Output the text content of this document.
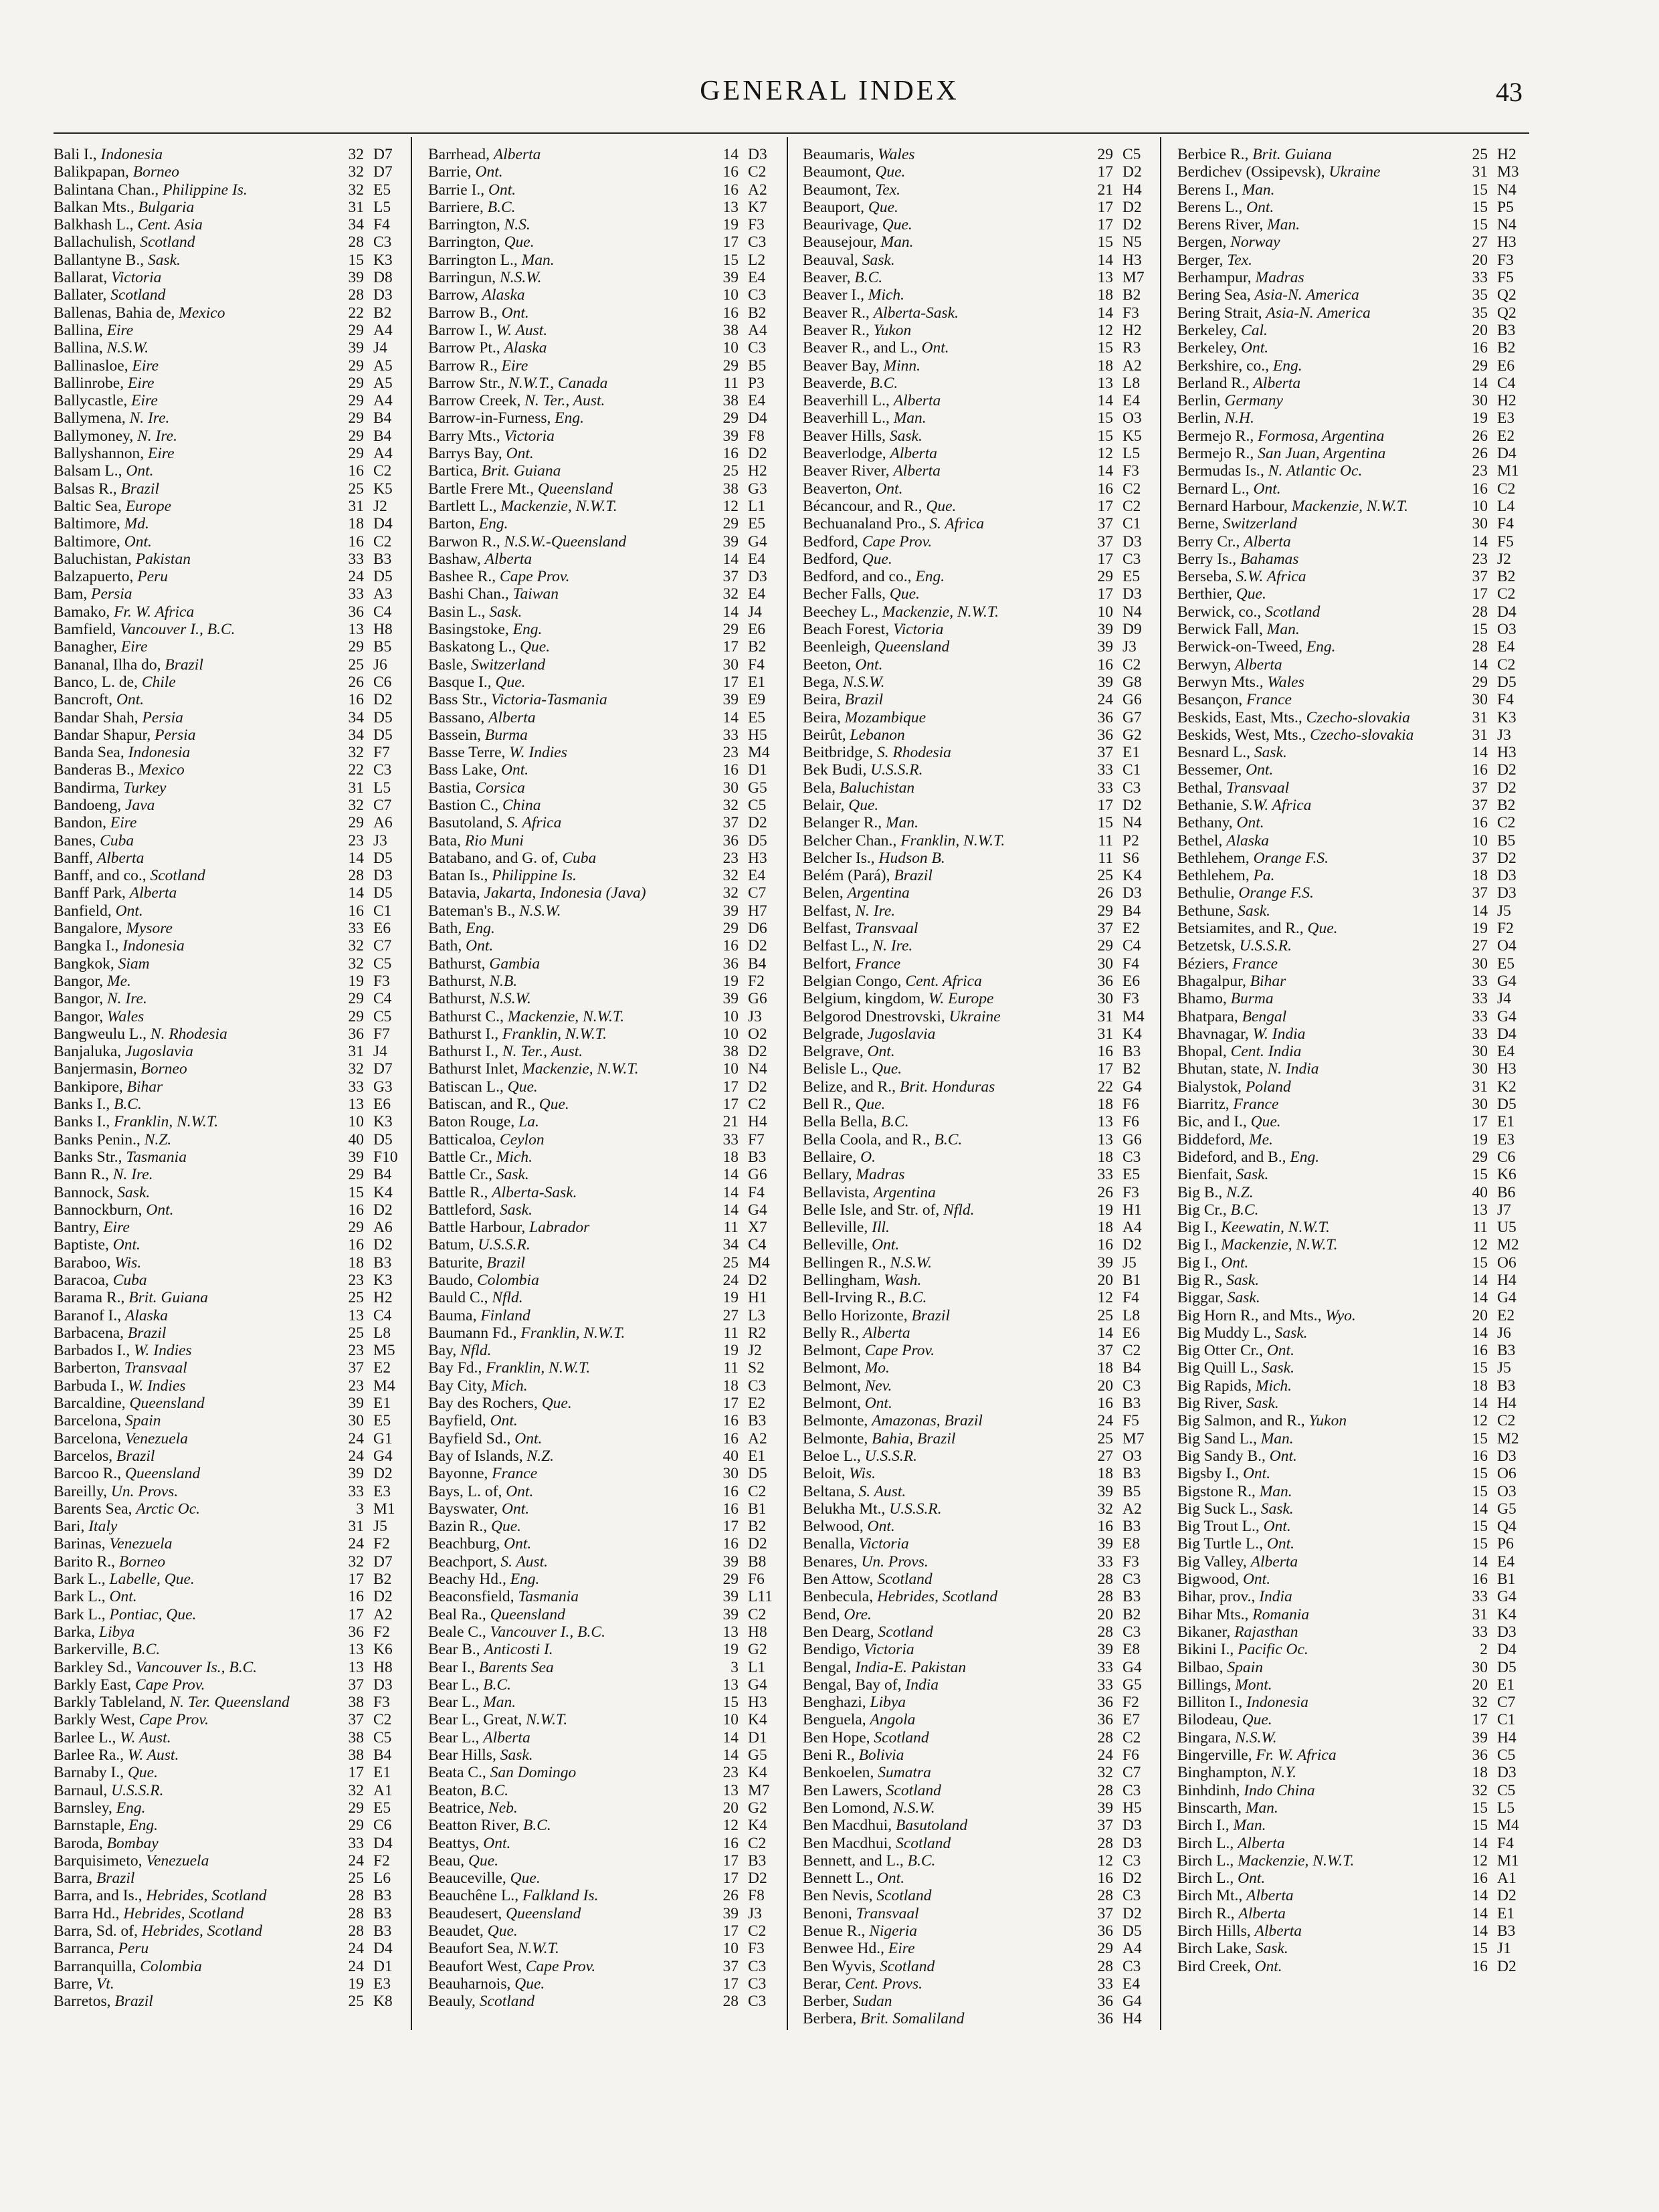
GENERAL INDEX	43
Bali I., Indonesia	32 D7
Balikpapan, Borneo	32 D7
Balintana Chan., Philippine Is.	32 E5
Balkan Mts., Bulgaria	31 L5
Balkhash L., Cent. Asia	34 F4
Ballachulish, Scotland	28 C3
Ballantyne B., Sask.	15 K3
Ballarat, Victoria	39 D8
Ballater, Scotland	28 D3
Ballenas, Bahia de, Mexico	22 B2
Ballina, Eire	29 A4
Ballina, N.S.W.	39 J4
Ballinasloe, Eire	29 A5
Ballinrobe, Eire	29 A5
Ballycastle, Eire	29 A4
Ballymena, N. Ire.	29 B4
Ballymoney, N. Ire.	29 B4
Ballyshannon, Eire	29 A4
Balsam L., Ont.	16 C2
Balsas R., Brazil	25 K5
Baltic Sea, Europe	31 J2
Baltimore, Md.	18 D4
Baltimore, Ont.	16 C2
Baluchistan, Pakistan	33 B3
Balzapuerto, Peru	24 D5
Bam, Persia	33 A3
Bamako, Fr. W. Africa	36 C4
Bamfield, Vancouver I., B.C.	13 H8
Banagher, Eire	29 B5
Bananal, Ilha do, Brazil	25 J6
Banco, L. de, Chile	26 C6
Bancroft, Ont.	16 D2
Bandar Shah, Persia	34 D5
Bandar Shapur, Persia	34 D5
Banda Sea, Indonesia	32 F7
Banderas B., Mexico	22 C3
Bandirma, Turkey	31 L5
Bandoeng, Java	32 C7
Bandon, Eire	29 A6
Banes, Cuba	23 J3
Banff, Alberta	14 D5
Banff, and co., Scotland	28 D3
Banff Park, Alberta	14 D5
Banfield, Ont.	16 C1
Bangalore, Mysore	33 E6
Bangka I., Indonesia	32 C7
Bangkok, Siam	32 C5
Bangor, Me.	19 F3
Bangor, N. Ire.	29 C4
Bangor, Wales	29 C5
Bangweulu L., N. Rhodesia	36 F7
Banjaluka, Jugoslavia	31 J4
Banjermasin, Borneo	32 D7
Bankipore, Bihar	33 G3
Banks I., B.C.	13 E6
Banks I., Franklin, N.W.T.	10 K3
Banks Penin., N.Z.	40 D5
Banks Str., Tasmania	39 F10
Bann R., N. Ire.	29 B4
Bannock, Sask.	15 K4
Bannockburn, Ont.	16 D2
Bantry, Eire	29 A6
Baptiste, Ont.	16 D2
Baraboo, Wis.	18 B3
Baracoa, Cuba	23 K3
Barama R., Brit. Guiana	25 H2
Baranof I., Alaska	13 C4
Barbacena, Brazil	25 L8
Barbados I., W. Indies	23 M5
Barberton, Transvaal	37 E2
Barbuda I., W. Indies	23 M4
Barcaldine, Queensland	39 E1
Barcelona, Spain	30 E5
Barcelona, Venezuela	24 G1
Barcelos, Brazil	24 G4
Barcoo R., Queensland	39 D2
Bareilly, Un. Provs.	33 E3
Barents Sea, Arctic Oc.	3 M1
Bari, Italy	31 J5
Barinas, Venezuela	24 F2
Barito R., Borneo	32 D7
Bark L., Labelle, Que.	17 B2
Bark L., Ont.	16 D2
Bark L., Pontiac, Que.	17 A2
Barka, Libya	36 F2
Barkerville, B.C.	13 K6
Barkley Sd., Vancouver Is., B.C.	13 H8
Barkly East, Cape Prov.	37 D3
Barkly Tableland, N. Ter. Queensland	38 F3
Barkly West, Cape Prov.	37 C2
Barlee L., W. Aust.	38 C5
Barlee Ra., W. Aust.	38 B4
Barnaby I., Que.	17 E1
Barnaul, U.S.S.R.	32 A1
Barnsley, Eng.	29 E5
Barnstaple, Eng.	29 C6
Baroda, Bombay	33 D4
Barquisimeto, Venezuela	24 F2
Barra, Brazil	25 L6
Barra, and Is., Hebrides, Scotland	28 B3
Barra Hd., Hebrides, Scotland	28 B3
Barra, Sd. of, Hebrides, Scotland	28 B3
Barranca, Peru	24 D4
Barranquilla, Colombia	24 D1
Barre, Vt.	19 E3
Barretos, Brazil	25 K8
Barrhead, Alberta	14 D3
Barrie, Ont.	16 C2
Barrie I., Ont.	16 A2
Barriere, B.C.	13 K7
Barrington, N.S.	19 F3
Barrington, Que.	17 C3
Barrington L., Man.	15 L2
Barringun, N.S.W.	39 E4
Barrow, Alaska	10 C3
Barrow B., Ont.	16 B2
Barrow I., W. Aust.	38 A4
Barrow Pt., Alaska	10 C3
Barrow R., Eire	29 B5
Barrow Str., N.W.T., Canada	11 P3
Barrow Creek, N. Ter., Aust.	38 E4
Barrow-in-Furness, Eng.	29 D4
Barry Mts., Victoria	39 F8
Barrys Bay, Ont.	16 D2
Bartica, Brit. Guiana	25 H2
Bartle Frere Mt., Queensland	38 G3
Bartlett L., Mackenzie, N.W.T.	12 L1
Barton, Eng.	29 E5
Barwon R., N.S.W.-Queensland	39 G4
Bashaw, Alberta	14 E4
Bashee R., Cape Prov.	37 D3
Bashi Chan., Taiwan	32 E4
Basin L., Sask.	14 J4
Basingstoke, Eng.	29 E6
Baskatong L., Que.	17 B2
Basle, Switzerland	30 F4
Basque I., Que.	17 E1
Bass Str., Victoria-Tasmania	39 E9
Bassano, Alberta	14 E5
Bassein, Burma	33 H5
Basse Terre, W. Indies	23 M4
Bass Lake, Ont.	16 D1
Bastia, Corsica	30 G5
Bastion C., China	32 C5
Basutoland, S. Africa	37 D2
Bata, Rio Muni	36 D5
Batabano, and G. of, Cuba	23 H3
Batan Is., Philippine Is.	32 E4
Batavia, Jakarta, Indonesia (Java)	32 C7
Bateman's B., N.S.W.	39 H7
Bath, Eng.	29 D6
Bath, Ont.	16 D2
Bathurst, Gambia	36 B4
Bathurst, N.B.	19 F2
Bathurst, N.S.W.	39 G6
Bathurst C., Mackenzie, N.W.T.	10 J3
Bathurst I., Franklin, N.W.T.	10 O2
Bathurst I., N. Ter., Aust.	38 D2
Bathurst Inlet, Mackenzie, N.W.T.	10 N4
Batiscan L., Que.	17 D2
Batiscan, and R., Que.	17 C2
Baton Rouge, La.	21 H4
Batticaloa, Ceylon	33 F7
Battle Cr., Mich.	18 B3
Battle Cr., Sask.	14 G6
Battle R., Alberta-Sask.	14 F4
Battleford, Sask.	14 G4
Battle Harbour, Labrador	11 X7
Batum, U.S.S.R.	34 C4
Baturite, Brazil	25 M4
Baudo, Colombia	24 D2
Bauld C., Nfld.	19 H1
Bauma, Finland	27 L3
Baumann Fd., Franklin, N.W.T.	11 R2
Bay, Nfld.	19 J2
Bay Fd., Franklin, N.W.T.	11 S2
Bay City, Mich.	18 C3
Bay des Rochers, Que.	17 E2
Bayfield, Ont.	16 B3
Bayfield Sd., Ont.	16 A2
Bay of Islands, N.Z.	40 E1
Bayonne, France	30 D5
Bays, L. of, Ont.	16 C2
Bayswater, Ont.	16 B1
Bazin R., Que.	17 B2
Beachburg, Ont.	16 D2
Beachport, S. Aust.	39 B8
Beachy Hd., Eng.	29 F6
Beaconsfield, Tasmania	39 L11
Beal Ra., Queensland	39 C2
Beale C., Vancouver I., B.C.	13 H8
Bear B., Anticosti I.	19 G2
Bear I., Barents Sea	3 L1
Bear L., B.C.	13 G4
Bear L., Man.	15 H3
Bear L., Great, N.W.T.	10 K4
Bear L., Alberta	14 D1
Bear Hills, Sask.	14 G5
Beata C., San Domingo	23 K4
Beaton, B.C.	13 M7
Beatrice, Neb.	20 G2
Beatton River, B.C.	12 K4
Beattys, Ont.	16 C2
Beau, Que.	17 B3
Beauceville, Que.	17 D2
Beauchêne L., Falkland Is.	26 F8
Beaudesert, Queensland	39 J3
Beaudet, Que.	17 C2
Beaufort Sea, N.W.T.	10 F3
Beaufort West, Cape Prov.	37 C3
Beauharnois, Que.	17 C3
Beauly, Scotland	28 C3
Beaumaris, Wales	29 C5
Beaumont, Que.	17 D2
Beaumont, Tex.	21 H4
Beauport, Que.	17 D2
Beaurivage, Que.	17 D2
Beausejour, Man.	15 N5
Beauval, Sask.	14 H3
Beaver, B.C.	13 M7
Beaver I., Mich.	18 B2
Beaver R., Alberta-Sask.	14 F3
Beaver R., Yukon	12 H2
Beaver R., and L., Ont.	15 R3
Beaver Bay, Minn.	18 A2
Beaverde, B.C.	13 L8
Beaverhill L., Alberta	14 E4
Beaverhill L., Man.	15 O3
Beaver Hills, Sask.	15 K5
Beaverlodge, Alberta	12 L5
Beaver River, Alberta	14 F3
Beaverton, Ont.	16 C2
Bécancour, and R., Que.	17 C2
Bechuanaland Pro., S. Africa	37 C1
Bedford, Cape Prov.	37 D3
Bedford, Que.	17 C3
Bedford, and co., Eng.	29 E5
Becher Falls, Que.	17 D3
Beechey L., Mackenzie, N.W.T.	10 N4
Beach Forest, Victoria	39 D9
Beenleigh, Queensland	39 J3
Beeton, Ont.	16 C2
Bega, N.S.W.	39 G8
Beira, Brazil	24 G6
Beira, Mozambique	36 G7
Beirût, Lebanon	36 G2
Beitbridge, S. Rhodesia	37 E1
Bek Budi, U.S.S.R.	33 C1
Bela, Baluchistan	33 C3
Belair, Que.	17 D2
Belanger R., Man.	15 N4
Belcher Chan., Franklin, N.W.T.	11 P2
Belcher Is., Hudson B.	11 S6
Belém (Pará), Brazil	25 K4
Belen, Argentina	26 D3
Belfast, N. Ire.	29 B4
Belfast, Transvaal	37 E2
Belfast L., N. Ire.	29 C4
Belfort, France	30 F4
Belgian Congo, Cent. Africa	36 E6
Belgium, kingdom, W. Europe	30 F3
Belgorod Dnestrovski, Ukraine	31 M4
Belgrade, Jugoslavia	31 K4
Belgrave, Ont.	16 B3
Belisle L., Que.	17 B2
Belize, and R., Brit. Honduras	22 G4
Bell R., Que.	18 F6
Bella Bella, B.C.	13 F6
Bella Coola, and R., B.C.	13 G6
Bellaire, O.	18 C3
Bellary, Madras	33 E5
Bellavista, Argentina	26 F3
Belle Isle, and Str. of, Nfld.	19 H1
Belleville, Ill.	18 A4
Belleville, Ont.	16 D2
Bellingen R., N.S.W.	39 J5
Bellingham, Wash.	20 B1
Bell-Irving R., B.C.	12 F4
Bello Horizonte, Brazil	25 L8
Belly R., Alberta	14 E6
Belmont, Cape Prov.	37 C2
Belmont, Mo.	18 B4
Belmont, Nev.	20 C3
Belmont, Ont.	16 B3
Belmonte, Amazonas, Brazil	24 F5
Belmonte, Bahia, Brazil	25 M7
Beloe L., U.S.S.R.	27 O3
Beloit, Wis.	18 B3
Beltana, S. Aust.	39 B5
Belukha Mt., U.S.S.R.	32 A2
Belwood, Ont.	16 B3
Benalla, Victoria	39 E8
Benares, Un. Provs.	33 F3
Ben Attow, Scotland	28 C3
Benbecula, Hebrides, Scotland	28 B3
Bend, Ore.	20 B2
Ben Dearg, Scotland	28 C3
Bendigo, Victoria	39 E8
Bengal, India-E. Pakistan	33 G4
Bengal, Bay of, India	33 G5
Benghazi, Libya	36 F2
Benguela, Angola	36 E7
Ben Hope, Scotland	28 C2
Beni R., Bolivia	24 F6
Benkoelen, Sumatra	32 C7
Ben Lawers, Scotland	28 C3
Ben Lomond, N.S.W.	39 H5
Ben Macdhui, Basutoland	37 D3
Ben Macdhui, Scotland	28 D3
Bennett, and L., B.C.	12 C3
Bennett L., Ont.	16 D2
Ben Nevis, Scotland	28 C3
Benoni, Transvaal	37 D2
Benue R., Nigeria	36 D5
Benwee Hd., Eire	29 A4
Ben Wyvis, Scotland	28 C3
Berar, Cent. Provs.	33 E4
Berber, Sudan	36 G4
Berbera, Brit. Somaliland	36 H4
Berbice R., Brit. Guiana	25 H2
Berdichev (Ossipevsk), Ukraine	31 M3
Berens I., Man.	15 N4
Berens L., Ont.	15 P5
Berens River, Man.	15 N4
Bergen, Norway	27 H3
Berger, Tex.	20 F3
Berhampur, Madras	33 F5
Bering Sea, Asia-N. America	35 Q2
Bering Strait, Asia-N. America	35 Q2
Berkeley, Cal.	20 B3
Berkeley, Ont.	16 B2
Berkshire, co., Eng.	29 E6
Berland R., Alberta	14 C4
Berlin, Germany	30 H2
Berlin, N.H.	19 E3
Bermejo R., Formosa, Argentina	26 E2
Bermejo R., San Juan, Argentina	26 D4
Bermudas Is., N. Atlantic Oc.	23 M1
Bernard L., Ont.	16 C2
Bernard Harbour, Mackenzie, N.W.T.	10 L4
Berne, Switzerland	30 F4
Berry Cr., Alberta	14 F5
Berry Is., Bahamas	23 J2
Berseba, S.W. Africa	37 B2
Berthier, Que.	17 C2
Berwick, co., Scotland	28 D4
Berwick Fall, Man.	15 O3
Berwick-on-Tweed, Eng.	28 E4
Berwyn, Alberta	14 C2
Berwyn Mts., Wales	29 D5
Besançon, France	30 F4
Beskids, East, Mts., Czecho-slovakia	31 K3
Beskids, West, Mts., Czecho-slovakia	31 J3
Besnard L., Sask.	14 H3
Bessemer, Ont.	16 D2
Bethal, Transvaal	37 D2
Bethanie, S.W. Africa	37 B2
Bethany, Ont.	16 C2
Bethel, Alaska	10 B5
Bethlehem, Orange F.S.	37 D2
Bethlehem, Pa.	18 D3
Bethulie, Orange F.S.	37 D3
Bethune, Sask.	14 J5
Betsiamites, and R., Que.	19 F2
Betzetsk, U.S.S.R.	27 O4
Béziers, France	30 E5
Bhagalpur, Bihar	33 G4
Bhamo, Burma	33 J4
Bhatpara, Bengal	33 G4
Bhavnagar, W. India	33 D4
Bhopal, Cent. India	30 E4
Bhutan, state, N. India	30 H3
Bialystok, Poland	31 K2
Biarritz, France	30 D5
Bic, and I., Que.	17 E1
Biddeford, Me.	19 E3
Bideford, and B., Eng.	29 C6
Bienfait, Sask.	15 K6
Big B., N.Z.	40 B6
Big Cr., B.C.	13 J7
Big I., Keewatin, N.W.T.	11 U5
Big I., Mackenzie, N.W.T.	12 M2
Big I., Ont.	15 O6
Big R., Sask.	14 H4
Biggar, Sask.	14 G4
Big Horn R., and Mts., Wyo.	20 E2
Big Muddy L., Sask.	14 J6
Big Otter Cr., Ont.	16 B3
Big Quill L., Sask.	15 J5
Big Rapids, Mich.	18 B3
Big River, Sask.	14 H4
Big Salmon, and R., Yukon	12 C2
Big Sand L., Man.	15 M2
Big Sandy B., Ont.	16 D3
Bigsby I., Ont.	15 O6
Bigstone R., Man.	15 O3
Big Suck L., Sask.	14 G5
Big Trout L., Ont.	15 Q4
Big Turtle L., Ont.	15 P6
Big Valley, Alberta	14 E4
Bigwood, Ont.	16 B1
Bihar, prov., India	33 G4
Bihar Mts., Romania	31 K4
Bikaner, Rajasthan	33 D3
Bikini I., Pacific Oc.	2 D4
Bilbao, Spain	30 D5
Billings, Mont.	20 E1
Billiton I., Indonesia	32 C7
Bilodeau, Que.	17 C1
Bingara, N.S.W.	39 H4
Bingerville, Fr. W. Africa	36 C5
Binghampton, N.Y.	18 D3
Binhdinh, Indo China	32 C5
Binscarth, Man.	15 L5
Birch I., Man.	15 M4
Birch L., Alberta	14 F4
Birch L., Mackenzie, N.W.T.	12 M1
Birch L., Ont.	16 A1
Birch Mt., Alberta	14 D2
Birch R., Alberta	14 E1
Birch Hills, Alberta	14 B3
Birch Lake, Sask.	15 J1
Bird Creek, Ont.	16 D2
